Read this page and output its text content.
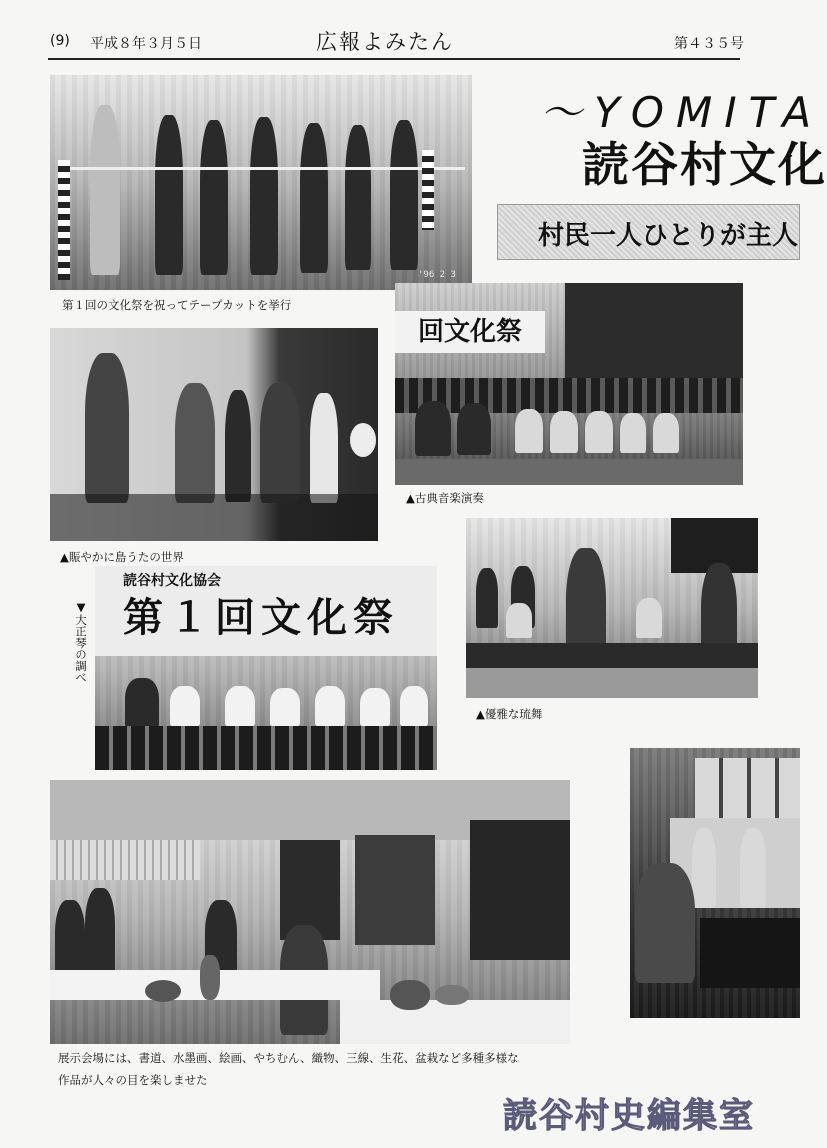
(9) 平成８年３月５日	広報よみたん	第４３５号
～YOMITA
読谷村文化
村民一人ひとりが主人
'96 2 3
第１回の文化祭を祝ってテープカットを挙行
回文化祭
▲古典音楽演奏
▲賑やかに島うたの世界
読谷村文化協会
第１回文化祭
▼大正琴の調べ
▲優雅な琉舞
展示会場には、書道、水墨画、絵画、やちむん、織物、三線、生花、盆栽など多種多様な
作品が人々の目を楽しませた
読谷村史編集室
